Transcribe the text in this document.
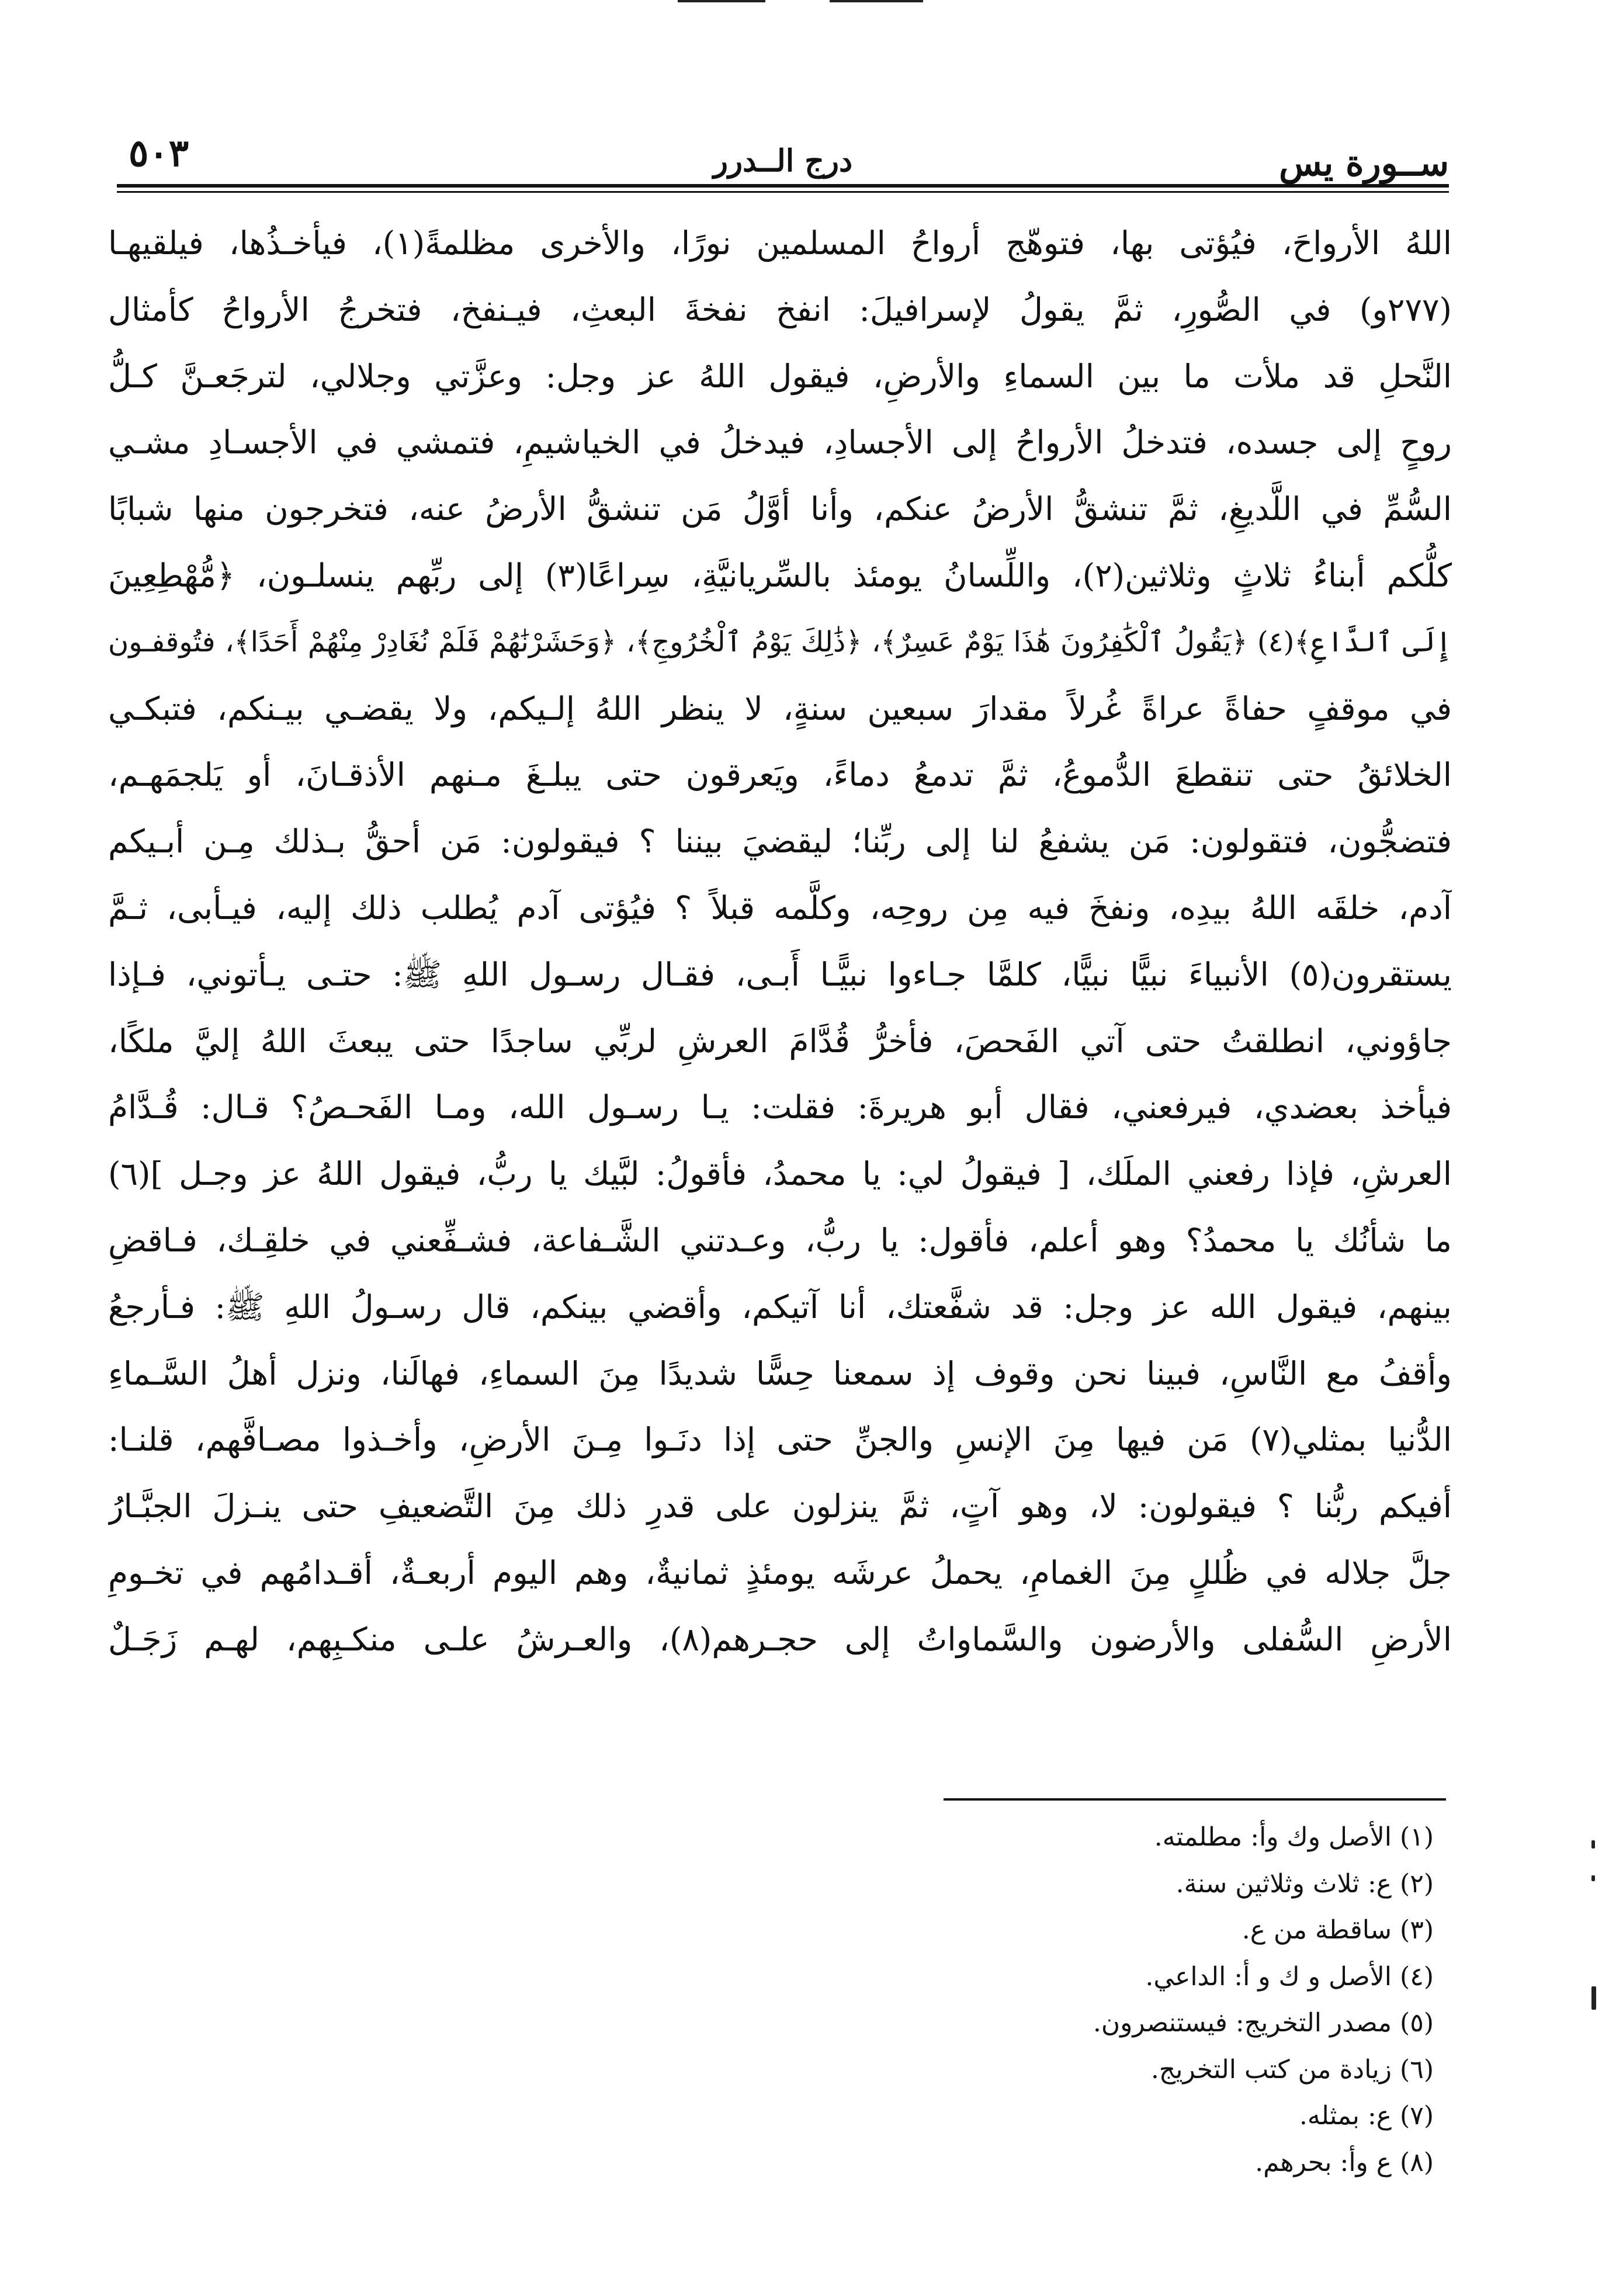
ســورة يس
درج الــدرر
٥٠٣
اللهُ الأرواحَ، فيُؤتى بها، فتوهّج أرواحُ المسلمين نورًا، والأخرى مظلمةً(١)، فيأخـذُها، فيلقيهـا
(٢٧٧و) في الصُّورِ، ثمَّ يقولُ لإسرافيلَ: انفخ نفخةَ البعثِ، فيـنفخ، فتخرجُ الأرواحُ كأمثال
النَّحلِ قد ملأت ما بين السماءِ والأرضِ، فيقول اللهُ عز وجل: وعزَّتي وجلالي، لترجَعـنَّ كـلُّ
روحٍ إلى جسده، فتدخلُ الأرواحُ إلى الأجسادِ، فيدخلُ في الخياشيمِ، فتمشي في الأجسـادِ مشـي
السُّمِّ في اللَّديغِ، ثمَّ تنشقُّ الأرضُ عنكم، وأنا أوَّلُ مَن تنشقُّ الأرضُ عنه، فتخرجون منها شبابًا
كلُّكم أبناءُ ثلاثٍ وثلاثين(٢)، واللِّسانُ يومئذ بالسِّريانيَّةِ، سِراعًا(٣) إلى ربِّهم ينسلـون، ﴿مُّهْطِعِينَ
إِلَى ٱلدَّاعِ﴾(٤) ﴿يَقُولُ ٱلْكَٰفِرُونَ هَٰذَا يَوْمٌ عَسِرٌ﴾، ﴿ذَٰلِكَ يَوْمُ ٱلْخُرُوجِ﴾، ﴿وَحَشَرْنَٰهُمْ فَلَمْ نُغَادِرْ مِنْهُمْ أَحَدًا﴾، فتُوقفـون
في موقفٍ حفاةً عراةً غُرلاً مقدارَ سبعين سنةٍ، لا ينظر اللهُ إلـيكم، ولا يقضـي بيـنكم، فتبكـي
الخلائقُ حتى تنقطعَ الدُّموعُ، ثمَّ تدمعُ دماءً، ويَعرقون حتى يبلـغَ مـنهم الأذقـانَ، أو يَلجمَهـم،
فتضجُّون، فتقولون: مَن يشفعُ لنا إلى ربِّنا؛ ليقضيَ بيننا ؟ فيقولون: مَن أحقُّ بـذلك مِـن أبـيكم
آدم، خلقَه اللهُ بيدِه، ونفخَ فيه مِن روحِه، وكلَّمه قبلاً ؟ فيُؤتى آدم يُطلب ذلك إليه، فيـأبى، ثـمَّ
يستقرون(٥) الأنبياءَ نبيًّا نبيًّا، كلمَّا جـاءوا نبيًّـا أَبـى، فقـال رسـول اللهِ ﷺ: حتـى يـأتوني، فـإذا
جاؤوني، انطلقتُ حتى آتي الفَحصَ، فأخرُّ قُدَّامَ العرشِ لربِّي ساجدًا حتى يبعثَ اللهُ إليَّ ملكًا،
فيأخذ بعضدي، فيرفعني، فقال أبو هريرةَ: فقلت: يـا رسـول الله، ومـا الفَحـصُ؟ قـال: قُـدَّامُ
العرشِ، فإذا رفعني الملَك، [ فيقولُ لي: يا محمدُ، فأقولُ: لبَّيك يا ربُّ، فيقول اللهُ عز وجـل ](٦)
ما شأنُك يا محمدُ؟ وهو أعلم، فأقول: يا ربُّ، وعـدتني الشَّـفاعة، فشـفِّعني في خلقِـك، فـاقضِ
بينهم، فيقول الله عز وجل: قد شفَّعتك، أنا آتيكم، وأقضي بينكم، قال رسـولُ اللهِ ﷺ: فـأرجعُ
وأقفُ مع النَّاسِ، فبينا نحن وقوف إذ سمعنا حِسًّا شديدًا مِنَ السماءِ، فهالَنا، ونزل أهلُ السَّـماءِ
الدُّنيا بمثلي(٧) مَن فيها مِنَ الإنسِ والجنِّ حتى إذا دنَـوا مِـنَ الأرضِ، وأخـذوا مصـافَّهم، قلنـا:
أفيكم ربُّنا ؟ فيقولون: لا، وهو آتٍ، ثمَّ ينزلون على قدرِ ذلك مِنَ التَّضعيفِ حتى ينـزلَ الجبَّـارُ
جلَّ جلاله في ظُللٍ مِنَ الغمامِ، يحملُ عرشَه يومئذٍ ثمانيةٌ، وهم اليوم أربعـةٌ، أقـدامُهم في تخـومِ
الأرضِ السُّفلى والأرضون والسَّماواتُ إلى حجـرهم(٨)، والعـرشُ علـى منكـبِهم، لهـم زَجَـلٌ
(١) الأصل وك وأ: مطلمته.
(٢) ع: ثلاث وثلاثين سنة.
(٣) ساقطة من ع.
(٤) الأصل و ك و أ: الداعي.
(٥) مصدر التخريج: فيستنصرون.
(٦) زيادة من كتب التخريج.
(٧) ع: بمثله.
(٨) ع وأ: بحرهم.
